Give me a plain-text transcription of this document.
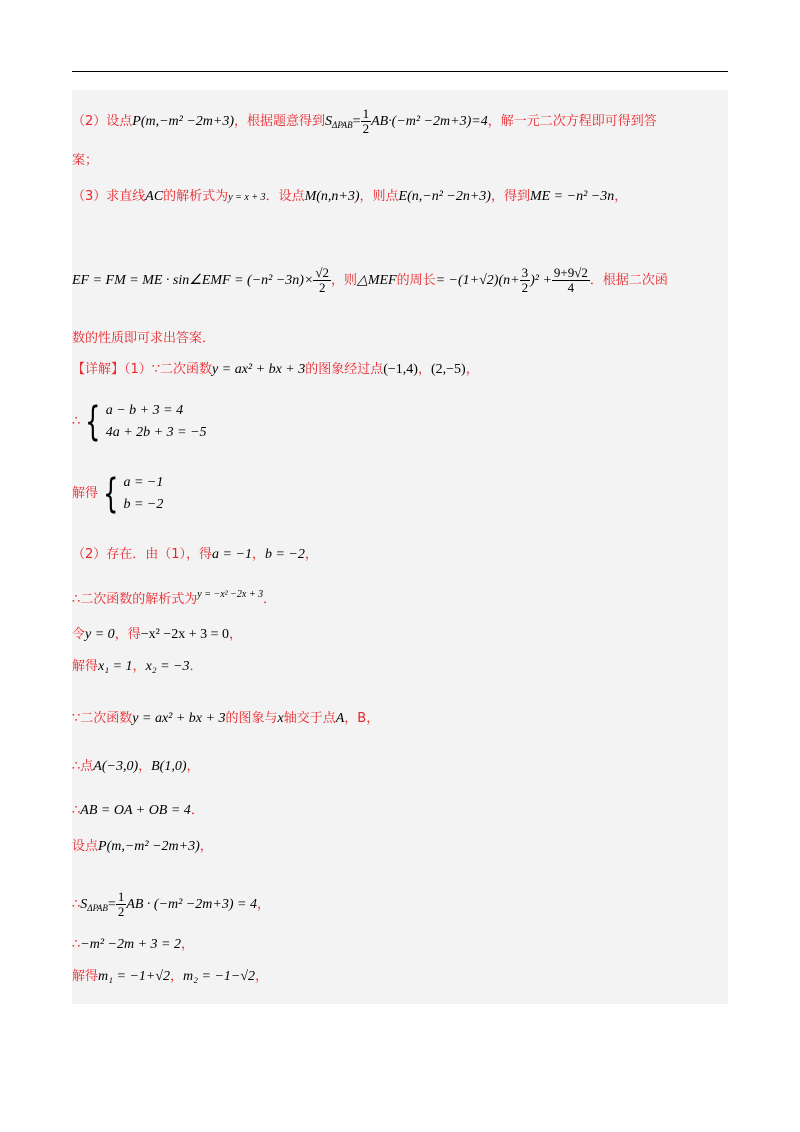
（2）设点P(m,−m² −2m+3)，根据题意得到$S_{\Delta PAB}= \frac{1}{2} AB\cdot(-m^2 -2m+3)=4$，解一元二次方程即可得到答
案；
（3）求直线AC的解析式为y = x + 3．设点M(n,n+3)，则点E(n,−n² −2n+3)，得到ME = −n² −3n，
EF = FM = ME · sin∠EMF = $(-n^2 -3n)\times \frac{√2}{2}$ ，则△MEF的周长= $-(1+√2)(n+ \frac{3}{2} )^2 + \frac{9+9√2}{4}$ ．根据二次函
数的性质即可求出答案．
【详解】（1）∵二次函数y = ax² + bx + 3的图象经过点(−1,4)，(2,−5)，
∴ { a − b + 3 = 4
4a + 2b + 3 = −5
解得 { a = −1
b = −2
（2）存在．由（1），得a = −1，b = −2，
∴二次函数的解析式为$^{y = -x^2 -2x + 3}$．
令y = 0，得−x² −2x + 3 = 0，
解得x₁ = 1，x₂ = −3．
∵二次函数y = ax² + bx + 3的图象与x轴交于点A，B，
∴点A(−3,0)，B(1,0)，
∴AB = OA + OB = 4．
设点P(m,−m² −2m+3)，
$\therefore S_{\Delta PAB}= \frac{1}{2}$ AB · (−m² −2m+3) = 4，
∴−m² −2m + 3 = 2，
解得m₁ = −1+√2，m₂ = −1−√2，
